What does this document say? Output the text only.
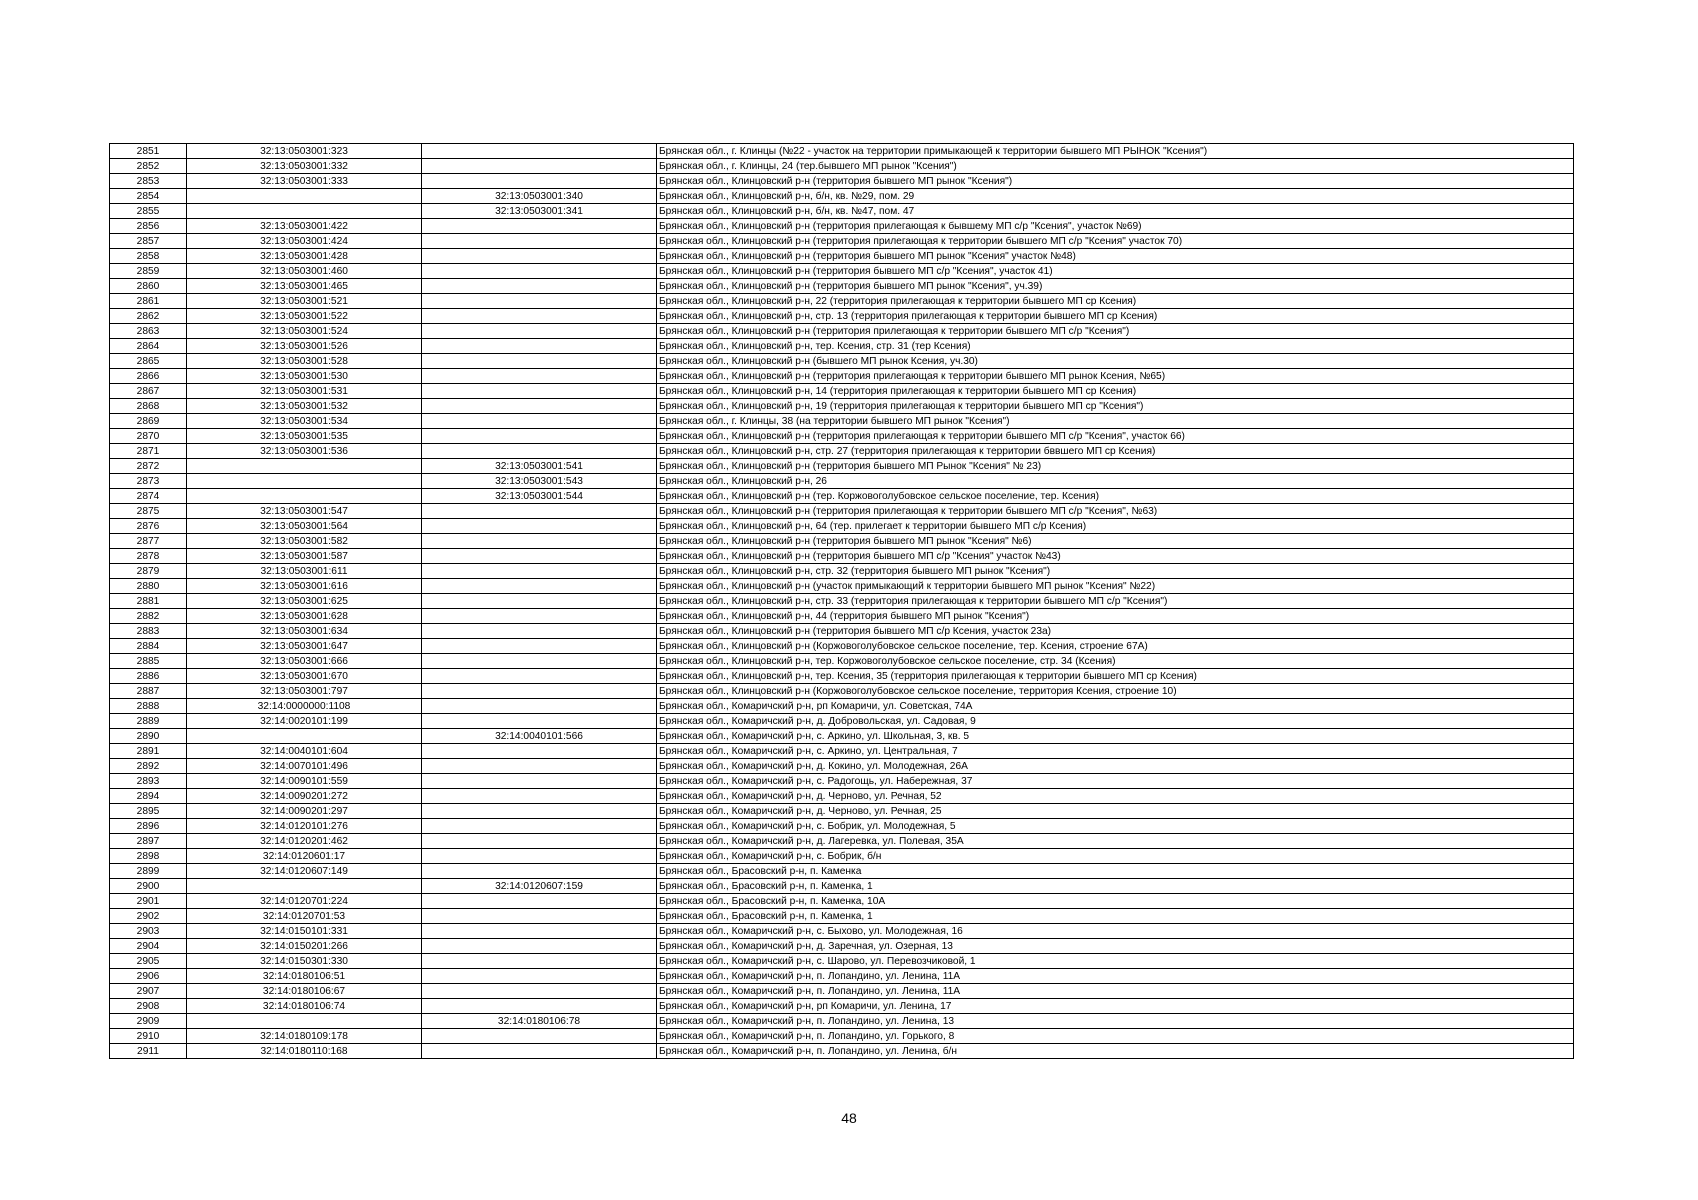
2851	32:13:0503001:323		Брянская обл., г. Клинцы (№22 - участок на территории примыкающей к территории бывшего МП РЫНОК "Ксения")
2852	32:13:0503001:332		Брянская обл., г. Клинцы, 24 (тер.бывшего МП рынок "Ксения")
2853	32:13:0503001:333		Брянская обл., Клинцовский р-н (территория бывшего МП рынок "Ксения")
2854		32:13:0503001:340	Брянская обл., Клинцовский р-н, б/н, кв. №29, пом. 29
2855		32:13:0503001:341	Брянская обл., Клинцовский р-н, б/н, кв. №47, пом. 47
2856	32:13:0503001:422		Брянская обл., Клинцовский р-н (территория прилегающая к бывшему МП с/р "Ксения", участок №69)
2857	32:13:0503001:424		Брянская обл., Клинцовский р-н (территория прилегающая к территории бывшего МП с/р "Ксения" участок 70)
2858	32:13:0503001:428		Брянская обл., Клинцовский р-н (территория бывшего МП рынок "Ксения" участок №48)
2859	32:13:0503001:460		Брянская обл., Клинцовский р-н (территория бывшего МП с/р "Ксения", участок 41)
2860	32:13:0503001:465		Брянская обл., Клинцовский р-н (территория бывшего МП рынок "Ксения", уч.39)
2861	32:13:0503001:521		Брянская обл., Клинцовский р-н, 22 (территория прилегающая к территории бывшего МП ср Ксения)
2862	32:13:0503001:522		Брянская обл., Клинцовский р-н, стр. 13 (территория прилегающая к территории бывшего МП ср Ксения)
2863	32:13:0503001:524		Брянская обл., Клинцовский р-н (территория прилегающая к территории бывшего МП с/р "Ксения")
2864	32:13:0503001:526		Брянская обл., Клинцовский р-н, тер. Ксения, стр. 31 (тер Ксения)
2865	32:13:0503001:528		Брянская обл., Клинцовский р-н (бывшего МП рынок Ксения, уч.30)
2866	32:13:0503001:530		Брянская обл., Клинцовский р-н (территория прилегающая к территории бывшего МП рынок Ксения, №65)
2867	32:13:0503001:531		Брянская обл., Клинцовский р-н, 14 (территория прилегающая к территории бывшего МП ср Ксения)
2868	32:13:0503001:532		Брянская обл., Клинцовский р-н, 19 (территория прилегающая к территории бывшего МП ср "Ксения")
2869	32:13:0503001:534		Брянская обл., г. Клинцы, 38 (на территории бывшего МП рынок "Ксения")
2870	32:13:0503001:535		Брянская обл., Клинцовский р-н (территория прилегающая к территории бывшего МП с/р "Ксения", участок 66)
2871	32:13:0503001:536		Брянская обл., Клинцовский р-н, стр. 27 (территория прилегающая к территории бввшего МП ср Ксения)
2872		32:13:0503001:541	Брянская обл., Клинцовский р-н (территория бывшего МП Рынок "Ксения" № 23)
2873		32:13:0503001:543	Брянская обл., Клинцовский р-н, 26
2874		32:13:0503001:544	Брянская обл., Клинцовский р-н (тер. Коржовоголубовское сельское поселение, тер. Ксения)
2875	32:13:0503001:547		Брянская обл., Клинцовский р-н (территория прилегающая к территории бывшего МП с/р "Ксения", №63)
2876	32:13:0503001:564		Брянская обл., Клинцовский р-н, 64 (тер. прилегает к территории бывшего МП с/р Ксения)
2877	32:13:0503001:582		Брянская обл., Клинцовский р-н (территория бывшего МП рынок "Ксения" №6)
2878	32:13:0503001:587		Брянская обл., Клинцовский р-н (территория бывшего МП с/р "Ксения" участок №43)
2879	32:13:0503001:611		Брянская обл., Клинцовский р-н, стр. 32 (территория бывшего МП рынок "Ксения")
2880	32:13:0503001:616		Брянская обл., Клинцовский р-н (участок примыкающий к территории бывшего МП рынок "Ксения" №22)
2881	32:13:0503001:625		Брянская обл., Клинцовский р-н, стр. 33 (территория прилегающая к территории бывшего МП с/р "Ксения")
2882	32:13:0503001:628		Брянская обл., Клинцовский р-н, 44 (территория бывшего МП рынок "Ксения")
2883	32:13:0503001:634		Брянская обл., Клинцовский р-н (территория бывшего МП с/р Ксения, участок 23а)
2884	32:13:0503001:647		Брянская обл., Клинцовский р-н (Коржовоголубовское сельское поселение, тер. Ксения, строение 67А)
2885	32:13:0503001:666		Брянская обл., Клинцовский р-н, тер. Коржовоголубовское сельское поселение, стр. 34 (Ксения)
2886	32:13:0503001:670		Брянская обл., Клинцовский р-н, тер. Ксения, 35 (территория прилегающая к территории бывшего МП ср Ксения)
2887	32:13:0503001:797		Брянская обл., Клинцовский р-н (Коржовоголубовское сельское поселение, территория Ксения, строение 10)
2888	32:14:0000000:1108		Брянская обл., Комаричский р-н, рп Комаричи, ул. Советская, 74А
2889	32:14:0020101:199		Брянская обл., Комаричский р-н, д. Добровольская, ул. Садовая, 9
2890		32:14:0040101:566	Брянская обл., Комаричский р-н, с. Аркино, ул. Школьная, 3, кв. 5
2891	32:14:0040101:604		Брянская обл., Комаричский р-н, с. Аркино, ул. Центральная, 7
2892	32:14:0070101:496		Брянская обл., Комаричский р-н, д. Кокино, ул. Молодежная, 26А
2893	32:14:0090101:559		Брянская обл., Комаричский р-н, с. Радогощь, ул. Набережная, 37
2894	32:14:0090201:272		Брянская обл., Комаричский р-н, д. Черново, ул. Речная, 52
2895	32:14:0090201:297		Брянская обл., Комаричский р-н, д. Черново, ул. Речная, 25
2896	32:14:0120101:276		Брянская обл., Комаричский р-н, с. Бобрик, ул. Молодежная, 5
2897	32:14:0120201:462		Брянская обл., Комаричский р-н, д. Лагеревка, ул. Полевая, 35А
2898	32:14:0120601:17		Брянская обл., Комаричский р-н, с. Бобрик, б/н
2899	32:14:0120607:149		Брянская обл., Брасовский р-н, п. Каменка
2900		32:14:0120607:159	Брянская обл., Брасовский р-н, п. Каменка, 1
2901	32:14:0120701:224		Брянская обл., Брасовский р-н, п. Каменка, 10А
2902	32:14:0120701:53		Брянская обл., Брасовский р-н, п. Каменка, 1
2903	32:14:0150101:331		Брянская обл., Комаричский р-н, с. Быхово, ул. Молодежная, 16
2904	32:14:0150201:266		Брянская обл., Комаричский р-н, д. Заречная, ул. Озерная, 13
2905	32:14:0150301:330		Брянская обл., Комаричский р-н, с. Шарово, ул. Перевозчиковой, 1
2906	32:14:0180106:51		Брянская обл., Комаричский р-н, п. Лопандино, ул. Ленина, 11А
2907	32:14:0180106:67		Брянская обл., Комаричский р-н, п. Лопандино, ул. Ленина, 11А
2908	32:14:0180106:74		Брянская обл., Комаричский р-н, рп Комаричи, ул. Ленина, 17
2909		32:14:0180106:78	Брянская обл., Комаричский р-н, п. Лопандино, ул. Ленина, 13
2910	32:14:0180109:178		Брянская обл., Комаричский р-н, п. Лопандино, ул. Горького, 8
2911	32:14:0180110:168		Брянская обл., Комаричский р-н, п. Лопандино, ул. Ленина, б/н
48
